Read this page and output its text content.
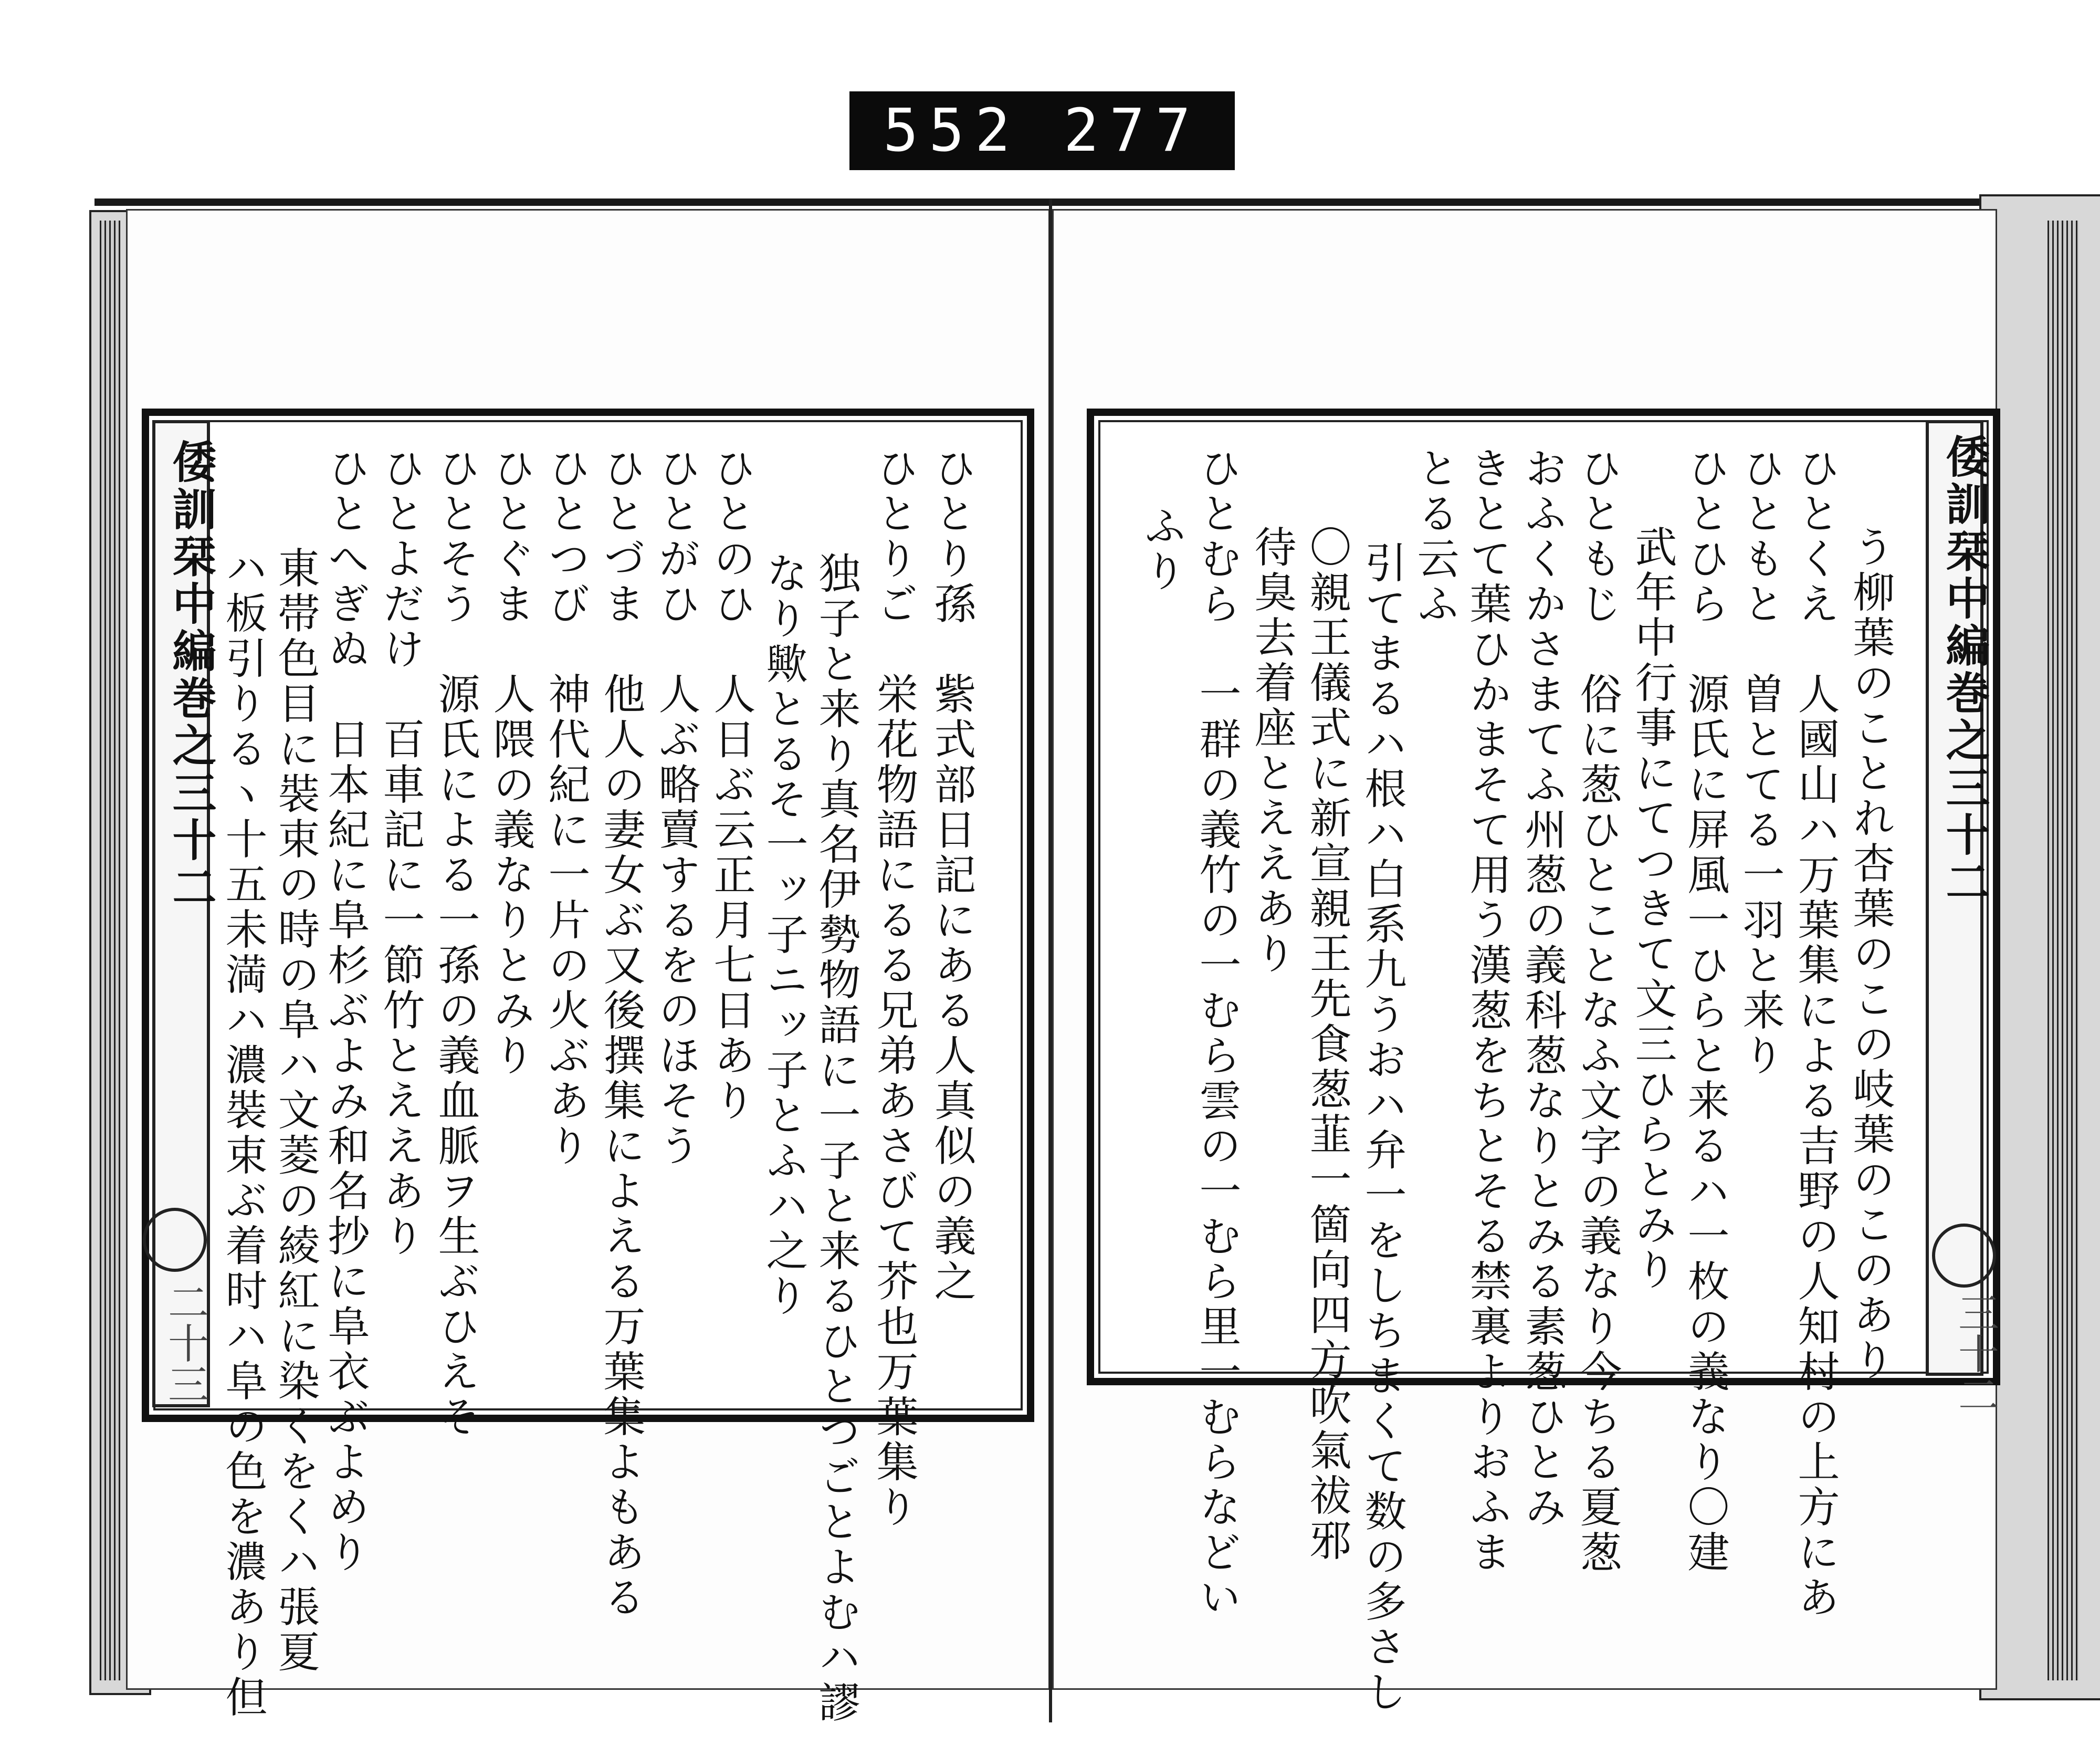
552 277
倭訓栞中編巻之三十二
二十三
ひとり孫　紫式部日記にある人真似の義之
ひとりご　栄花物語にるる兄弟あさびて芥也万葉集り
独子と来り真名伊勢物語に一子と来るひとつごとよむハ謬
なり歟とるそ一ッ子ニッ子とふハ之り
ひとのひ　人日ぶ云正月七日あり
ひとがひ　人ぶ略賣するをのほそう
ひとづま　他人の妻女ぶ又後撰集によえる万葉集よもある
ひとつび　神代紀に一片の火ぶあり
ひとぐま　人隈の義なりとみり
ひとそう　源氏による一孫の義血脈ヲ生ぶひえそ
ひとよだけ　百車記に一節竹とええあり
ひとへぎぬ　日本紀に阜杉ぶよみ和名抄に阜衣ぶよめり
東帯色目に裝束の時の阜ハ文菱の綾紅に染くをくハ張夏
ハ板引りるヽ十五未満ハ濃裝束ぶ着时ハ阜の色を濃あり但	倭訓栞中編巻之三十二
三十二
う柳葉のことれ杏葉のこの岐葉のこのあり
ひとくえ　人國山ハ万葉集による吉野の人知村の上方にあ
ひともと　曽とてる一羽と来り
ひとひら　源氏に屏風一ひらと来るハ一枚の義なり〇建
武年中行事にてつきて文三ひらとみり
ひともじ　俗に葱ひとことなふ文字の義なり今ちる夏葱
おふくかさまてふ州葱の義科葱なりとみる素葱ひとみ
きとて葉ひかまそて用う漢葱をちとそる禁裏よりおふま
とる云ふ
引てまるハ根ハ白系九うおハ弁一をしちまくて数の多さし
〇親王儀式に新宣親王先食葱韮一箇向四方吹氣祓邪
待臭去着座とええあり
ひとむら　一群の義竹の一むら雲の一むら里一むらなどい
ふり
